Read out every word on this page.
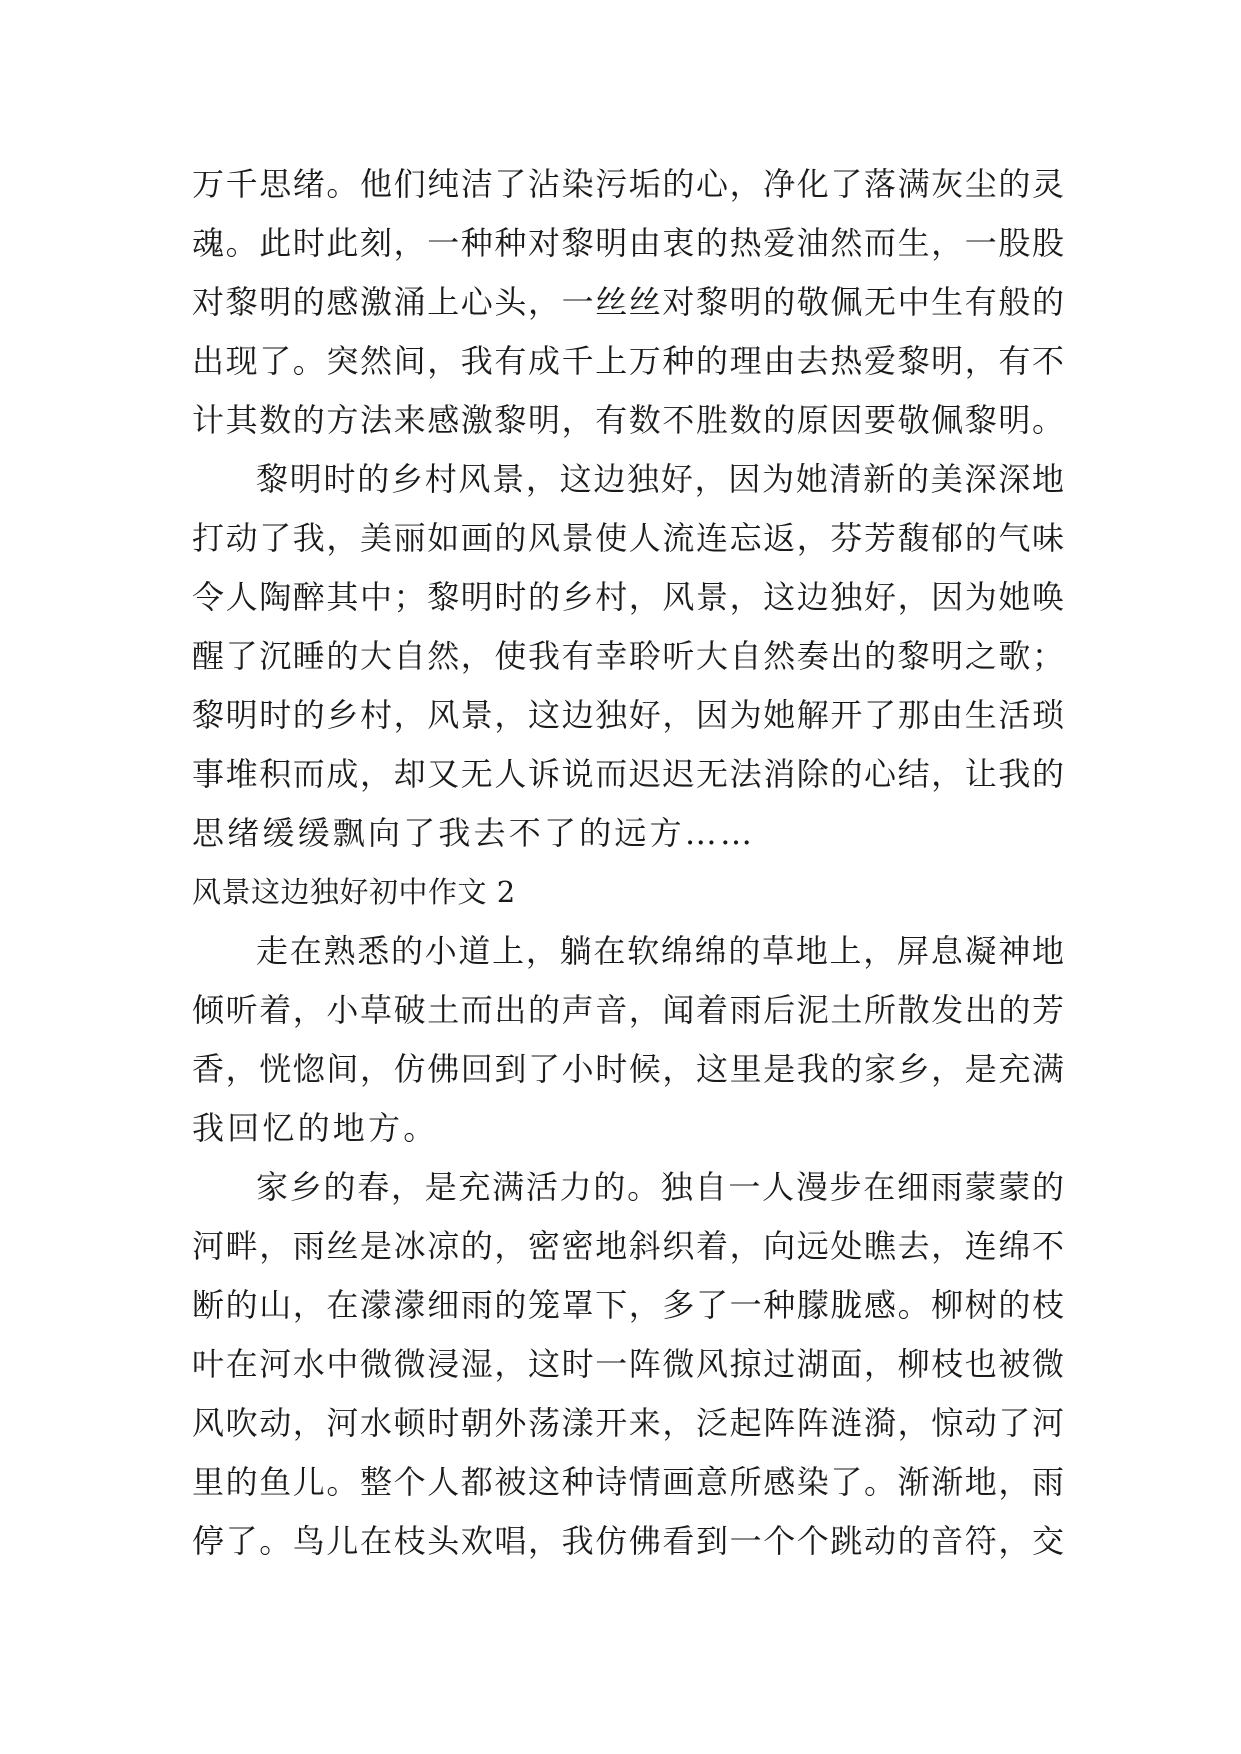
万千思绪。他们纯洁了沾染污垢的心，净化了落满灰尘的灵
魂。此时此刻，一种种对黎明由衷的热爱油然而生，一股股
对黎明的感激涌上心头，一丝丝对黎明的敬佩无中生有般的
出现了。突然间，我有成千上万种的理由去热爱黎明，有不
计其数的方法来感激黎明，有数不胜数的原因要敬佩黎明。
黎明时的乡村风景，这边独好，因为她清新的美深深地
打动了我，美丽如画的风景使人流连忘返，芬芳馥郁的气味
令人陶醉其中；黎明时的乡村，风景，这边独好，因为她唤
醒了沉睡的大自然，使我有幸聆听大自然奏出的黎明之歌；
黎明时的乡村，风景，这边独好，因为她解开了那由生活琐
事堆积而成，却又无人诉说而迟迟无法消除的心结，让我的
思绪缓缓飘向了我去不了的远方……
风景这边独好初中作文 2
走在熟悉的小道上，躺在软绵绵的草地上，屏息凝神地
倾听着，小草破土而出的声音，闻着雨后泥土所散发出的芳
香，恍惚间，仿佛回到了小时候，这里是我的家乡，是充满
我回忆的地方。
家乡的春，是充满活力的。独自一人漫步在细雨蒙蒙的
河畔，雨丝是冰凉的，密密地斜织着，向远处瞧去，连绵不
断的山，在濛濛细雨的笼罩下，多了一种朦胧感。柳树的枝
叶在河水中微微浸湿，这时一阵微风掠过湖面，柳枝也被微
风吹动，河水顿时朝外荡漾开来，泛起阵阵涟漪，惊动了河
里的鱼儿。整个人都被这种诗情画意所感染了。渐渐地，雨
停了。鸟儿在枝头欢唱，我仿佛看到一个个跳动的音符，交
